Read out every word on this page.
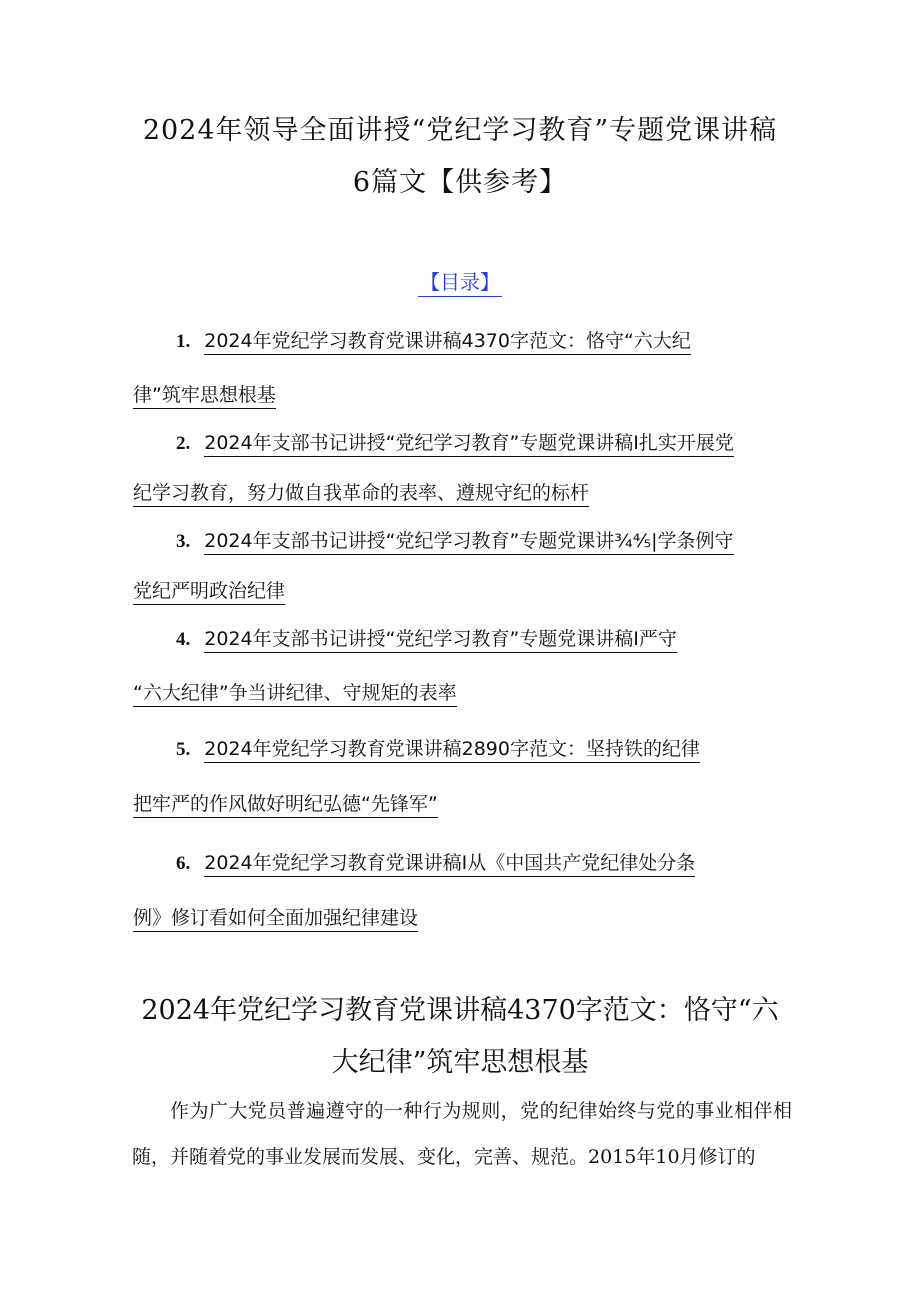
2024年领导全面讲授“党纪学习教育”专题党课讲稿
6篇文【供参考】
【目录】
1. 2024年党纪学习教育党课讲稿4370字范文：恪守“六大纪
律”筑牢思想根基
2. 2024年支部书记讲授“党纪学习教育”专题党课讲稿I扎实开展党
纪学习教育，努力做自我革命的表率、遵规守纪的标杆
3. 2024年支部书记讲授“党纪学习教育”专题党课讲¾⅘|学条例守
党纪严明政治纪律
4. 2024年支部书记讲授“党纪学习教育”专题党课讲稿I严守
“六大纪律”争当讲纪律、守规矩的表率
5. 2024年党纪学习教育党课讲稿2890字范文：坚持铁的纪律
把牢严的作风做好明纪弘德“先锋军”
6. 2024年党纪学习教育党课讲稿I从《中国共产党纪律处分条
例》修订看如何全面加强纪律建设
2024年党纪学习教育党课讲稿4370字范文：恪守“六
大纪律”筑牢思想根基
作为广大党员普遍遵守的一种行为规则，党的纪律始终与党的事业相伴相随，并随着党的事业发展而发展、变化，完善、规范。2015年10月修订的
